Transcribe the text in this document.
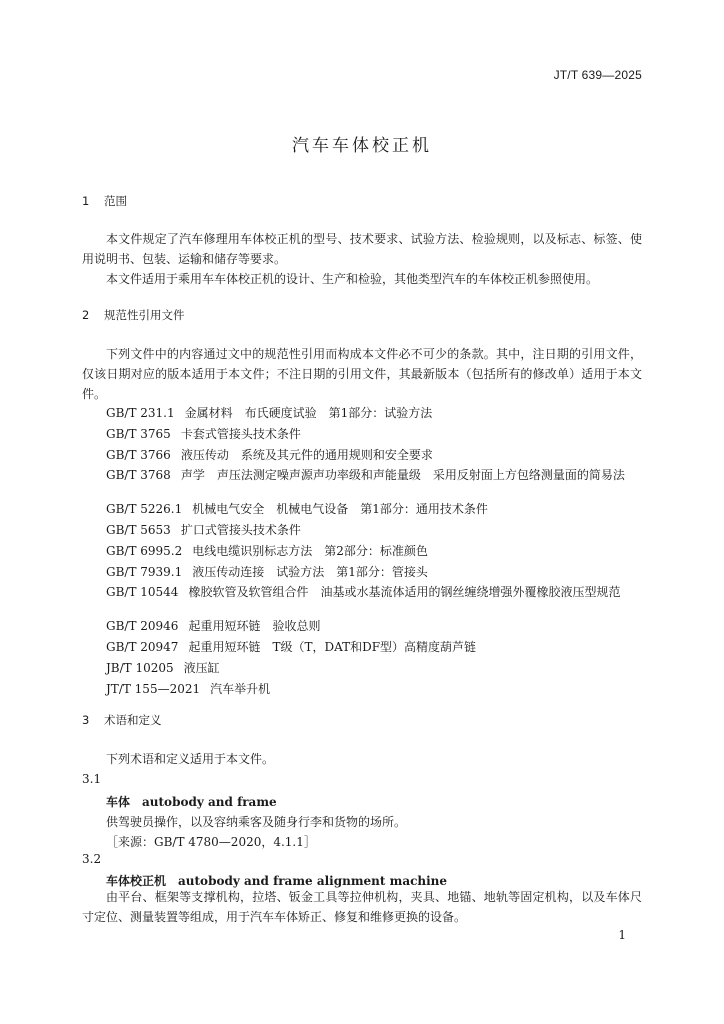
JT/T 639—2025
汽车车体校正机
1 范围
本文件规定了汽车修理用车体校正机的型号、技术要求、试验方法、检验规则，以及标志、标签、使用说明书、包装、运输和储存等要求。
本文件适用于乘用车车体校正机的设计、生产和检验，其他类型汽车的车体校正机参照使用。
2 规范性引用文件
下列文件中的内容通过文中的规范性引用而构成本文件必不可少的条款。其中，注日期的引用文件，仅该日期对应的版本适用于本文件；不注日期的引用文件，其最新版本（包括所有的修改单）适用于本文件。
GB/T 231.1 金属材料　布氏硬度试验　第1部分：试验方法
GB/T 3765 卡套式管接头技术条件
GB/T 3766 液压传动　系统及其元件的通用规则和安全要求
GB/T 3768 声学　声压法测定噪声源声功率级和声能量级　采用反射面上方包络测量面的简易法
GB/T 5226.1 机械电气安全　机械电气设备　第1部分：通用技术条件
GB/T 5653 扩口式管接头技术条件
GB/T 6995.2 电线电缆识别标志方法　第2部分：标准颜色
GB/T 7939.1 液压传动连接　试验方法　第1部分：管接头
GB/T 10544 橡胶软管及软管组合件　油基或水基流体适用的钢丝缠绕增强外覆橡胶液压型规范
GB/T 20946 起重用短环链　验收总则
GB/T 20947 起重用短环链　T级（T，DAT和DF型）高精度葫芦链
JB/T 10205 液压缸
JT/T 155—2021 汽车举升机
3 术语和定义
下列术语和定义适用于本文件。
3.1
车体 autobody and frame
供驾驶员操作，以及容纳乘客及随身行李和货物的场所。
［来源：GB/T 4780—2020，4.1.1］
3.2
车体校正机 autobody and frame alignment machine
由平台、框架等支撑机构，拉塔、钣金工具等拉伸机构，夹具、地锚、地轨等固定机构，以及车体尺寸定位、测量装置等组成，用于汽车车体矫正、修复和维修更换的设备。
1
